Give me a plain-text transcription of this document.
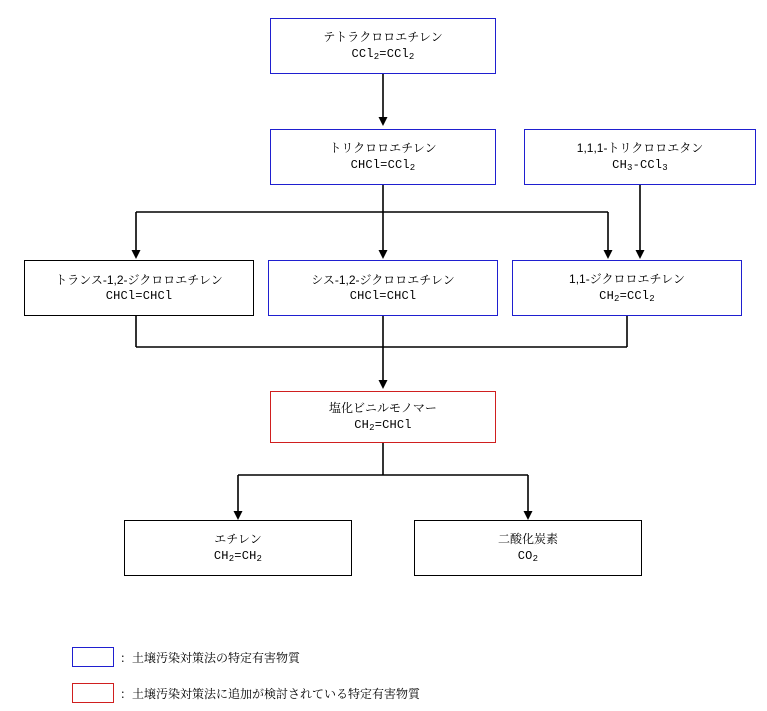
テトラクロロエチレン
CCl$_2$=CCl$_2$
トリクロロエチレン
CHCl=CCl$_2$
1,1,1-トリクロロエタン
$CH_3-CCl_3$
トランス-1,2-ジクロロエチレン
CHCl=CHCl
シス-1,2-ジクロロエチレン
CHCl=CHCl
1,1-ジクロロエチレン
$CH_2=CCl_2$
塩化ビニルモノマー
$CH_2=CHCl$
エチレン
$CH_2=CH_2$
二酸化炭素
$CO_2$
：土壌汚染対策法の特定有害物質
：土壌汚染対策法に追加が検討されている特定有害物質
